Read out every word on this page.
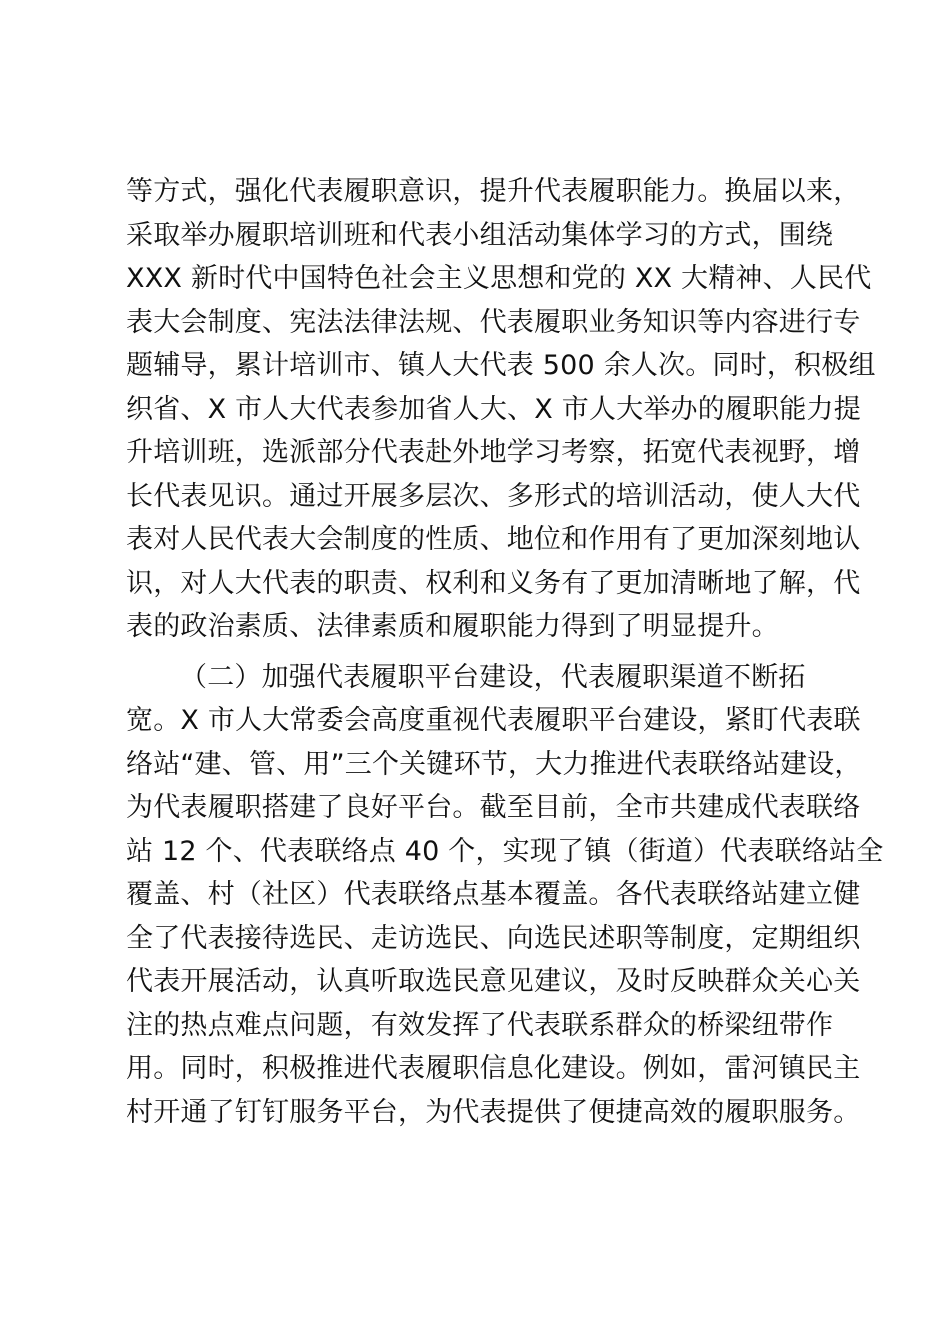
等方式，强化代表履职意识，提升代表履职能力。换届以来，
采取举办履职培训班和代表小组活动集体学习的方式，围绕
XXX 新时代中国特色社会主义思想和党的 XX 大精神、人民代
表大会制度、宪法法律法规、代表履职业务知识等内容进行专
题辅导，累计培训市、镇人大代表 500 余人次。同时，积极组
织省、X 市人大代表参加省人大、X 市人大举办的履职能力提
升培训班，选派部分代表赴外地学习考察，拓宽代表视野，增
长代表见识。通过开展多层次、多形式的培训活动，使人大代
表对人民代表大会制度的性质、地位和作用有了更加深刻地认
识，对人大代表的职责、权利和义务有了更加清晰地了解，代
表的政治素质、法律素质和履职能力得到了明显提升。
（二）加强代表履职平台建设，代表履职渠道不断拓
宽。X 市人大常委会高度重视代表履职平台建设，紧盯代表联
络站“建、管、用”三个关键环节，大力推进代表联络站建设，
为代表履职搭建了良好平台。截至目前，全市共建成代表联络
站 12 个、代表联络点 40 个，实现了镇（街道）代表联络站全
覆盖、村（社区）代表联络点基本覆盖。各代表联络站建立健
全了代表接待选民、走访选民、向选民述职等制度，定期组织
代表开展活动，认真听取选民意见建议，及时反映群众关心关
注的热点难点问题，有效发挥了代表联系群众的桥梁纽带作
用。同时，积极推进代表履职信息化建设。例如，雷河镇民主
村开通了钉钉服务平台，为代表提供了便捷高效的履职服务。
